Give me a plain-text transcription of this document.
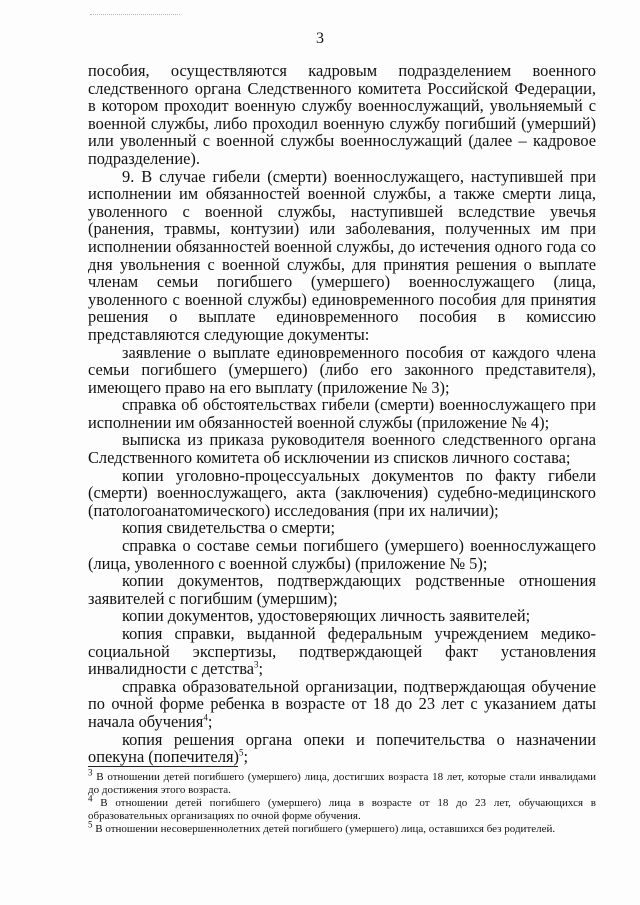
3

пособия, осуществляются кадровым подразделением военного следственного органа Следственного комитета Российской Федерации, в котором проходит военную службу военнослужащий, увольняемый с военной службы, либо проходил военную службу погибший (умерший) или уволенный с военной службы военнослужащий (далее – кадровое подразделение).

9. В случае гибели (смерти) военнослужащего, наступившей при исполнении им обязанностей военной службы, а также смерти лица, уволенного с военной службы, наступившей вследствие увечья (ранения, травмы, контузии) или заболевания, полученных им при исполнении обязанностей военной службы, до истечения одного года со дня увольнения с военной службы, для принятия решения о выплате членам семьи погибшего (умершего) военнослужащего (лица, уволенного с военной службы) единовременного пособия для принятия решения о выплате единовременного пособия в комиссию представляются следующие документы:

заявление о выплате единовременного пособия от каждого члена семьи погибшего (умершего) (либо его законного представителя), имеющего право на его выплату (приложение № 3);

справка об обстоятельствах гибели (смерти) военнослужащего при исполнении им обязанностей военной службы (приложение № 4);

выписка из приказа руководителя военного следственного органа Следственного комитета об исключении из списков личного состава;

копии уголовно-процессуальных документов по факту гибели (смерти) военнослужащего, акта (заключения) судебно-медицинского (патологоанатомического) исследования (при их наличии);

копия свидетельства о смерти;

справка о составе семьи погибшего (умершего) военнослужащего (лица, уволенного с военной службы) (приложение № 5);

копии документов, подтверждающих родственные отношения заявителей с погибшим (умершим);

копии документов, удостоверяющих личность заявителей;

копия справки, выданной федеральным учреждением медико-социальной экспертизы, подтверждающей факт установления инвалидности с детства$^3$;

справка образовательной организации, подтверждающая обучение по очной форме ребенка в возрасте от 18 до 23 лет с указанием даты начала обучения$^4$;

копия решения органа опеки и попечительства о назначении опекуна (попечителя)$^5$;

$^3$ В отношении детей погибшего (умершего) лица, достигших возраста 18 лет, которые стали инвалидами до достижения этого возраста.

$^4$ В отношении детей погибшего (умершего) лица в возрасте от 18 до 23 лет, обучающихся в образовательных организациях по очной форме обучения.

$^5$ В отношении несовершеннолетних детей погибшего (умершего) лица, оставшихся без родителей.
